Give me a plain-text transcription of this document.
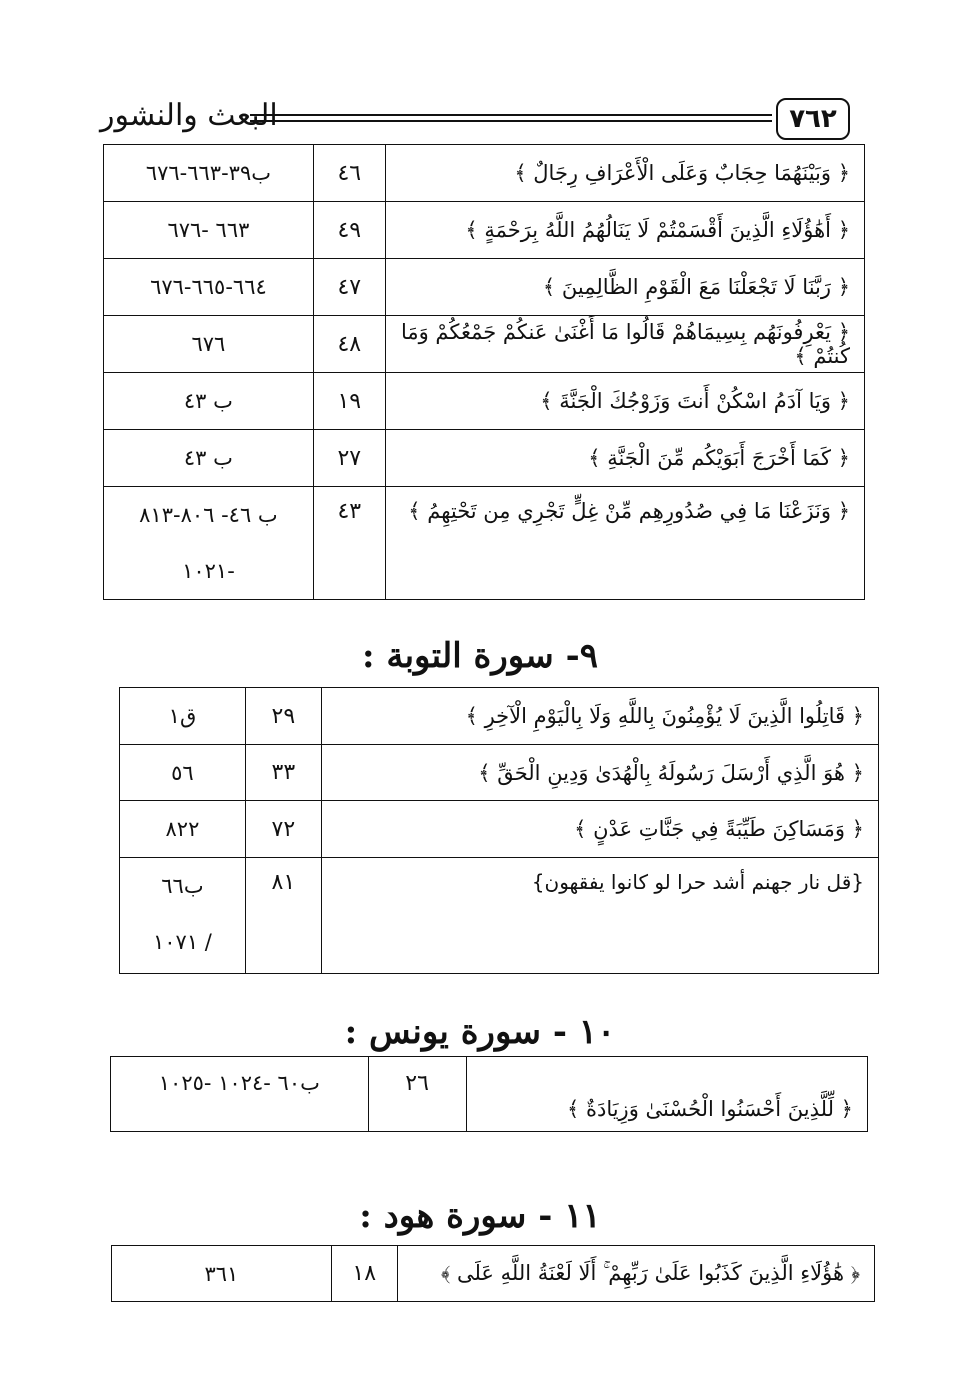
البعث والنشور	٧٦٢
﴿ وَبَيْنَهُمَا حِجَابٌ وَعَلَى الْأَعْرَافِ رِجَالٌ ﴾	٤٦	ب٣٩-٦٦٣-٦٧٦
﴿ أَهَٰؤُلَاءِ الَّذِينَ أَقْسَمْتُمْ لَا يَنَالُهُمُ اللَّهُ بِرَحْمَةٍ ﴾	٤٩	٦٦٣ -٦٧٦
﴿ رَبَّنَا لَا تَجْعَلْنَا مَعَ الْقَوْمِ الظَّالِمِينَ ﴾	٤٧	٦٦٤-٦٦٥-٦٧٦
﴿ يَعْرِفُونَهُم بِسِيمَاهُمْ قَالُوا مَا أَغْنَىٰ عَنكُمْ جَمْعُكُمْ وَمَا كُنتُمْ ﴾	٤٨	٦٧٦
﴿ وَيَا آدَمُ اسْكُنْ أَنتَ وَزَوْجُكَ الْجَنَّةَ ﴾	١٩	ب ٤٣
﴿ كَمَا أَخْرَجَ أَبَوَيْكُم مِّنَ الْجَنَّةِ ﴾	٢٧	ب ٤٣
﴿ وَنَزَعْنَا مَا فِي صُدُورِهِم مِّنْ غِلٍّ تَجْرِي مِن تَحْتِهِمُ ﴾	٤٣	ب ٤٦- ٨٠٦-٨١٣
-١٠٢١
٩- سورة التوبة :
﴿ قَاتِلُوا الَّذِينَ لَا يُؤْمِنُونَ بِاللَّهِ وَلَا بِالْيَوْمِ الْآخِرِ ﴾	٢٩	ق١
﴿ هُوَ الَّذِي أَرْسَلَ رَسُولَهُ بِالْهُدَىٰ وَدِينِ الْحَقِّ ﴾	٣٣	٥٦
﴿ وَمَسَاكِنَ طَيِّبَةً فِي جَنَّاتِ عَدْنٍ ﴾	٧٢	٨٢٢
{قل نار جهنم أشد حرا لو كانوا يفقهون}	٨١	ب٦٦
/ ١٠٧١
١٠ - سورة يونس :
﴿ لِّلَّذِينَ أَحْسَنُوا الْحُسْنَىٰ وَزِيَادَةٌ ﴾	٢٦	ب٦٠ -١٠٢٤ -١٠٢٥
١١ - سورة هود :
﴿ هَٰؤُلَاءِ الَّذِينَ كَذَبُوا عَلَىٰ رَبِّهِمْ ۚ أَلَا لَعْنَةُ اللَّهِ عَلَى ﴾	١٨	٣٦١
